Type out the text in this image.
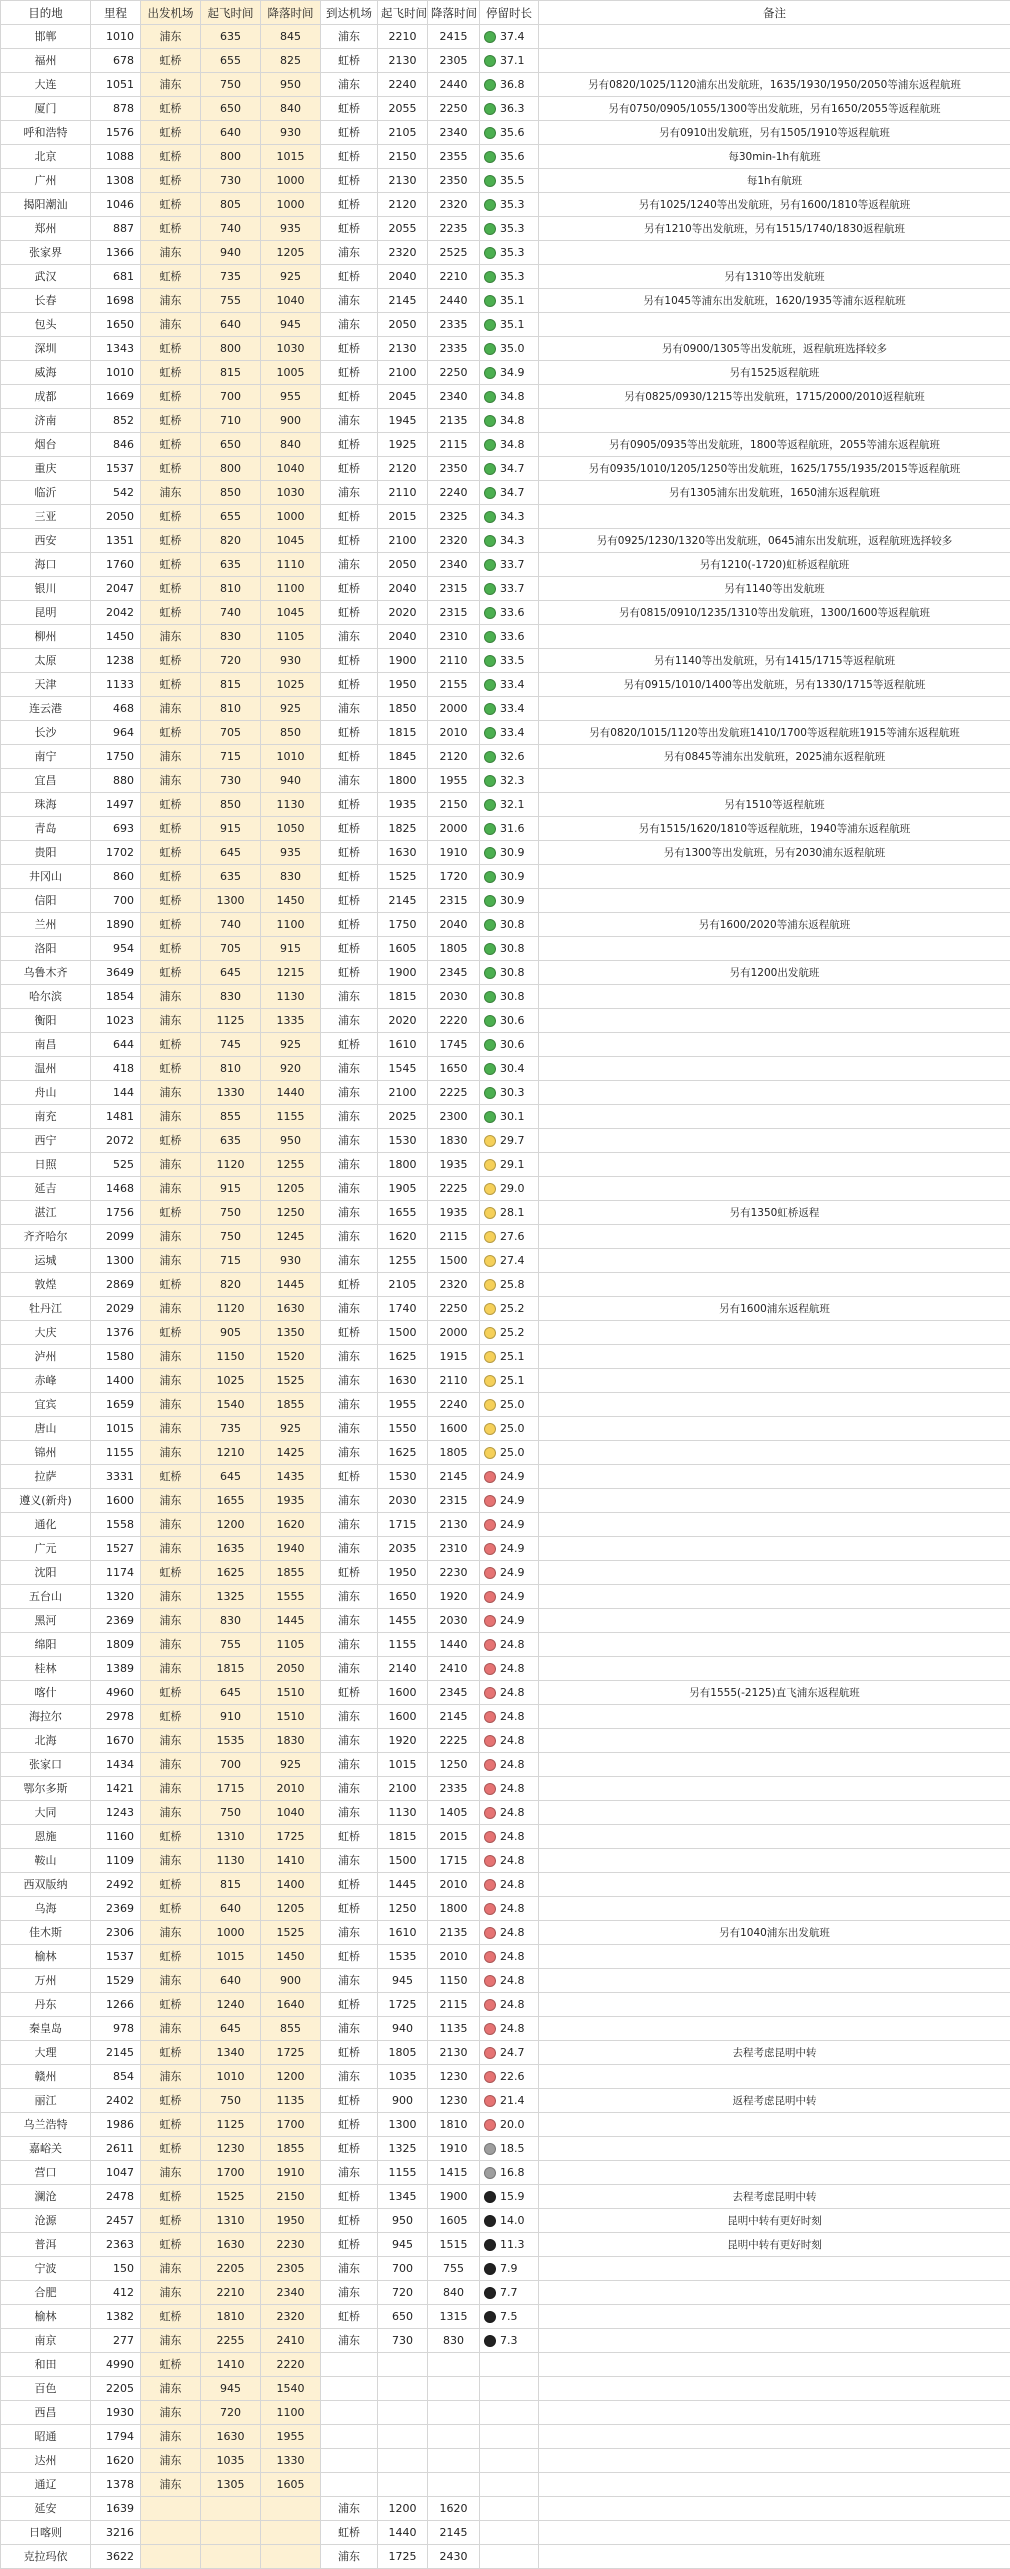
目的地	里程	出发机场	起飞时间	降落时间	到达机场	起飞时间	降落时间	停留时长	备注
邯郸	1010	浦东	635	845	浦东	2210	2415	37.4	
福州	678	虹桥	655	825	虹桥	2130	2305	37.1	
大连	1051	浦东	750	950	浦东	2240	2440	36.8	另有0820/1025/1120浦东出发航班，1635/1930/1950/2050等浦东返程航班
厦门	878	虹桥	650	840	虹桥	2055	2250	36.3	另有0750/0905/1055/1300等出发航班，另有1650/2055等返程航班
呼和浩特	1576	虹桥	640	930	虹桥	2105	2340	35.6	另有0910出发航班，另有1505/1910等返程航班
北京	1088	虹桥	800	1015	虹桥	2150	2355	35.6	每30min-1h有航班
广州	1308	虹桥	730	1000	虹桥	2130	2350	35.5	每1h有航班
揭阳潮汕	1046	虹桥	805	1000	虹桥	2120	2320	35.3	另有1025/1240等出发航班，另有1600/1810等返程航班
郑州	887	虹桥	740	935	虹桥	2055	2235	35.3	另有1210等出发航班，另有1515/1740/1830返程航班
张家界	1366	浦东	940	1205	浦东	2320	2525	35.3	
武汉	681	虹桥	735	925	虹桥	2040	2210	35.3	另有1310等出发航班
长春	1698	浦东	755	1040	浦东	2145	2440	35.1	另有1045等浦东出发航班，1620/1935等浦东返程航班
包头	1650	浦东	640	945	浦东	2050	2335	35.1	
深圳	1343	虹桥	800	1030	虹桥	2130	2335	35.0	另有0900/1305等出发航班，返程航班选择较多
威海	1010	虹桥	815	1005	虹桥	2100	2250	34.9	另有1525返程航班
成都	1669	虹桥	700	955	虹桥	2045	2340	34.8	另有0825/0930/1215等出发航班，1715/2000/2010返程航班
济南	852	虹桥	710	900	浦东	1945	2135	34.8	
烟台	846	虹桥	650	840	虹桥	1925	2115	34.8	另有0905/0935等出发航班，1800等返程航班，2055等浦东返程航班
重庆	1537	虹桥	800	1040	虹桥	2120	2350	34.7	另有0935/1010/1205/1250等出发航班，1625/1755/1935/2015等返程航班
临沂	542	浦东	850	1030	浦东	2110	2240	34.7	另有1305浦东出发航班，1650浦东返程航班
三亚	2050	虹桥	655	1000	虹桥	2015	2325	34.3	
西安	1351	虹桥	820	1045	虹桥	2100	2320	34.3	另有0925/1230/1320等出发航班，0645浦东出发航班，返程航班选择较多
海口	1760	虹桥	635	1110	浦东	2050	2340	33.7	另有1210(-1720)虹桥返程航班
银川	2047	虹桥	810	1100	虹桥	2040	2315	33.7	另有1140等出发航班
昆明	2042	虹桥	740	1045	虹桥	2020	2315	33.6	另有0815/0910/1235/1310等出发航班，1300/1600等返程航班
柳州	1450	浦东	830	1105	浦东	2040	2310	33.6	
太原	1238	虹桥	720	930	虹桥	1900	2110	33.5	另有1140等出发航班，另有1415/1715等返程航班
天津	1133	虹桥	815	1025	虹桥	1950	2155	33.4	另有0915/1010/1400等出发航班，另有1330/1715等返程航班
连云港	468	浦东	810	925	浦东	1850	2000	33.4	
长沙	964	虹桥	705	850	虹桥	1815	2010	33.4	另有0820/1015/1120等出发航班1410/1700等返程航班1915等浦东返程航班
南宁	1750	浦东	715	1010	虹桥	1845	2120	32.6	另有0845等浦东出发航班，2025浦东返程航班
宜昌	880	浦东	730	940	浦东	1800	1955	32.3	
珠海	1497	虹桥	850	1130	虹桥	1935	2150	32.1	另有1510等返程航班
青岛	693	虹桥	915	1050	虹桥	1825	2000	31.6	另有1515/1620/1810等返程航班，1940等浦东返程航班
贵阳	1702	虹桥	645	935	虹桥	1630	1910	30.9	另有1300等出发航班，另有2030浦东返程航班
井冈山	860	虹桥	635	830	虹桥	1525	1720	30.9	
信阳	700	虹桥	1300	1450	虹桥	2145	2315	30.9	
兰州	1890	虹桥	740	1100	虹桥	1750	2040	30.8	另有1600/2020等浦东返程航班
洛阳	954	虹桥	705	915	虹桥	1605	1805	30.8	
乌鲁木齐	3649	虹桥	645	1215	虹桥	1900	2345	30.8	另有1200出发航班
哈尔滨	1854	浦东	830	1130	浦东	1815	2030	30.8	
衡阳	1023	浦东	1125	1335	浦东	2020	2220	30.6	
南昌	644	虹桥	745	925	虹桥	1610	1745	30.6	
温州	418	虹桥	810	920	浦东	1545	1650	30.4	
舟山	144	浦东	1330	1440	浦东	2100	2225	30.3	
南充	1481	浦东	855	1155	浦东	2025	2300	30.1	
西宁	2072	虹桥	635	950	浦东	1530	1830	29.7	
日照	525	浦东	1120	1255	浦东	1800	1935	29.1	
延吉	1468	浦东	915	1205	浦东	1905	2225	29.0	
湛江	1756	虹桥	750	1250	浦东	1655	1935	28.1	另有1350虹桥返程
齐齐哈尔	2099	浦东	750	1245	浦东	1620	2115	27.6	
运城	1300	浦东	715	930	浦东	1255	1500	27.4	
敦煌	2869	虹桥	820	1445	虹桥	2105	2320	25.8	
牡丹江	2029	浦东	1120	1630	浦东	1740	2250	25.2	另有1600浦东返程航班
大庆	1376	虹桥	905	1350	虹桥	1500	2000	25.2	
泸州	1580	浦东	1150	1520	浦东	1625	1915	25.1	
赤峰	1400	浦东	1025	1525	浦东	1630	2110	25.1	
宜宾	1659	浦东	1540	1855	浦东	1955	2240	25.0	
唐山	1015	浦东	735	925	浦东	1550	1600	25.0	
锦州	1155	浦东	1210	1425	浦东	1625	1805	25.0	
拉萨	3331	虹桥	645	1435	虹桥	1530	2145	24.9	
遵义(新舟)	1600	浦东	1655	1935	浦东	2030	2315	24.9	
通化	1558	浦东	1200	1620	浦东	1715	2130	24.9	
广元	1527	浦东	1635	1940	浦东	2035	2310	24.9	
沈阳	1174	虹桥	1625	1855	虹桥	1950	2230	24.9	
五台山	1320	浦东	1325	1555	浦东	1650	1920	24.9	
黑河	2369	浦东	830	1445	浦东	1455	2030	24.9	
绵阳	1809	浦东	755	1105	浦东	1155	1440	24.8	
桂林	1389	浦东	1815	2050	浦东	2140	2410	24.8	
喀什	4960	虹桥	645	1510	虹桥	1600	2345	24.8	另有1555(-2125)直飞浦东返程航班
海拉尔	2978	虹桥	910	1510	浦东	1600	2145	24.8	
北海	1670	浦东	1535	1830	浦东	1920	2225	24.8	
张家口	1434	浦东	700	925	浦东	1015	1250	24.8	
鄂尔多斯	1421	浦东	1715	2010	浦东	2100	2335	24.8	
大同	1243	浦东	750	1040	浦东	1130	1405	24.8	
恩施	1160	虹桥	1310	1725	虹桥	1815	2015	24.8	
鞍山	1109	浦东	1130	1410	浦东	1500	1715	24.8	
西双版纳	2492	虹桥	815	1400	虹桥	1445	2010	24.8	
乌海	2369	虹桥	640	1205	虹桥	1250	1800	24.8	
佳木斯	2306	浦东	1000	1525	浦东	1610	2135	24.8	另有1040浦东出发航班
榆林	1537	虹桥	1015	1450	虹桥	1535	2010	24.8	
万州	1529	浦东	640	900	浦东	945	1150	24.8	
丹东	1266	虹桥	1240	1640	虹桥	1725	2115	24.8	
秦皇岛	978	浦东	645	855	浦东	940	1135	24.8	
大理	2145	虹桥	1340	1725	虹桥	1805	2130	24.7	去程考虑昆明中转
赣州	854	浦东	1010	1200	浦东	1035	1230	22.6	
丽江	2402	虹桥	750	1135	虹桥	900	1230	21.4	返程考虑昆明中转
乌兰浩特	1986	虹桥	1125	1700	虹桥	1300	1810	20.0	
嘉峪关	2611	虹桥	1230	1855	虹桥	1325	1910	18.5	
营口	1047	浦东	1700	1910	浦东	1155	1415	16.8	
澜沧	2478	虹桥	1525	2150	虹桥	1345	1900	15.9	去程考虑昆明中转
沧源	2457	虹桥	1310	1950	虹桥	950	1605	14.0	昆明中转有更好时刻
普洱	2363	虹桥	1630	2230	虹桥	945	1515	11.3	昆明中转有更好时刻
宁波	150	浦东	2205	2305	浦东	700	755	7.9	
合肥	412	浦东	2210	2340	浦东	720	840	7.7	
榆林	1382	虹桥	1810	2320	虹桥	650	1315	7.5	
南京	277	浦东	2255	2410	浦东	730	830	7.3	
和田	4990	虹桥	1410	2220					
百色	2205	浦东	945	1540					
西昌	1930	浦东	720	1100					
昭通	1794	浦东	1630	1955					
达州	1620	浦东	1035	1330					
通辽	1378	浦东	1305	1605					
延安	1639				浦东	1200	1620		
日喀则	3216				虹桥	1440	2145		
克拉玛依	3622				浦东	1725	2430		
